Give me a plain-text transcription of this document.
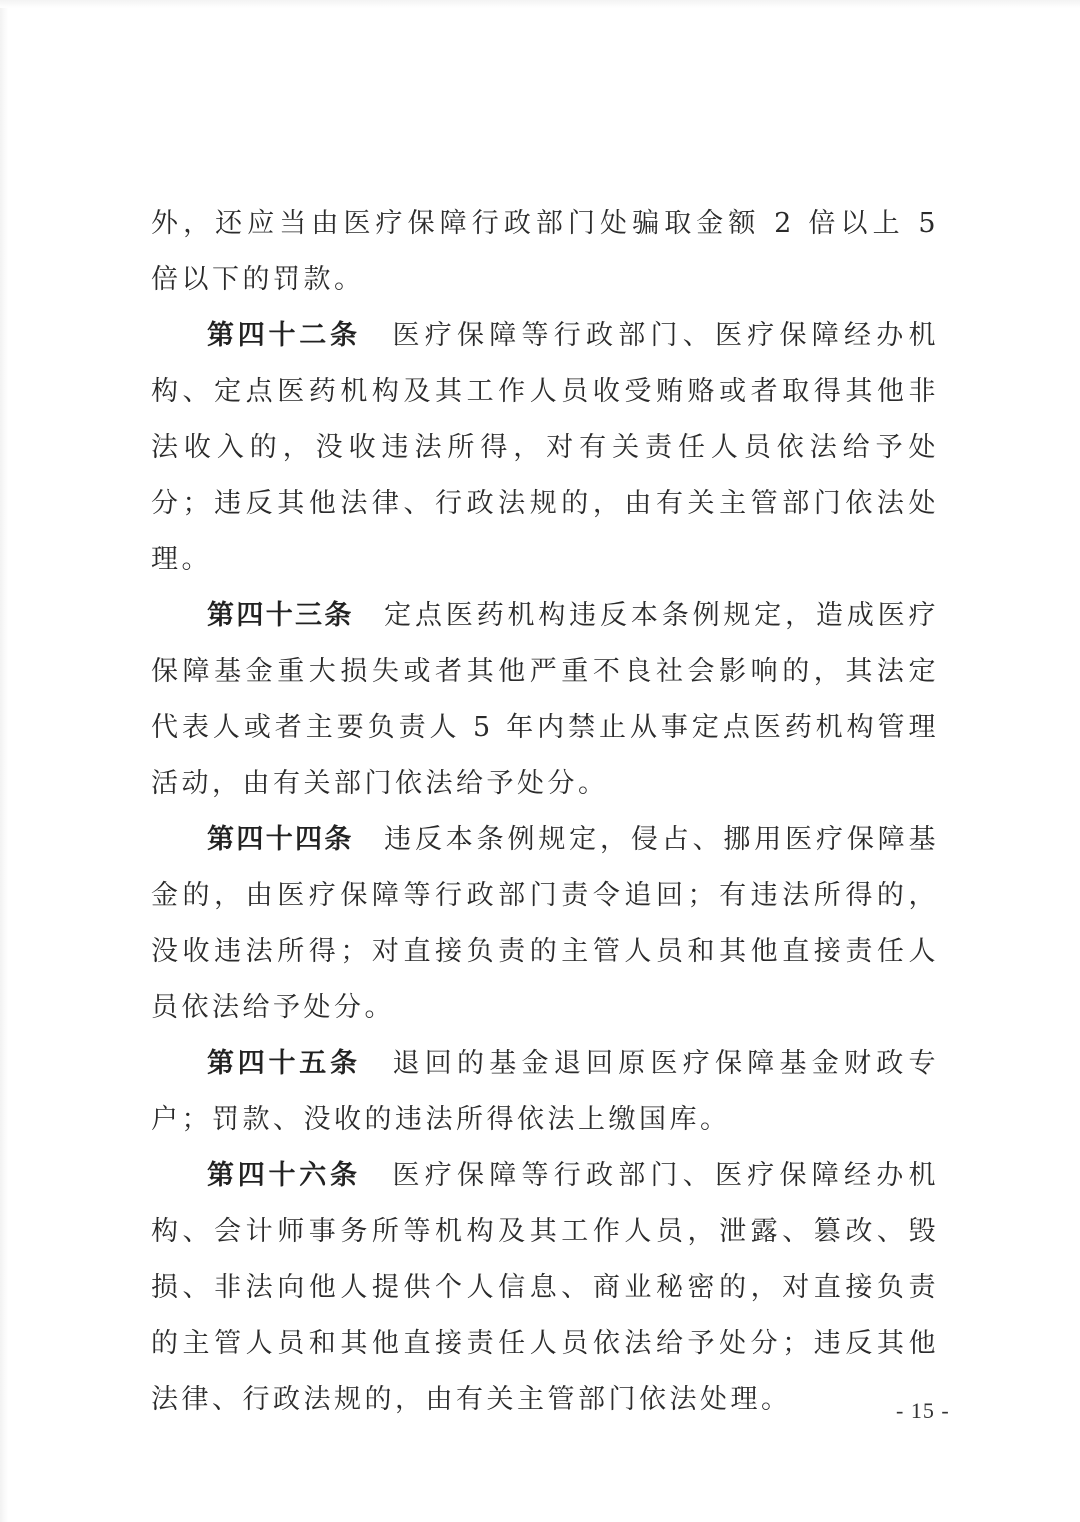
外，还应当由医疗保障行政部门处骗取金额 2 倍以上 5 倍以下的罚款。

第四十二条 医疗保障等行政部门、医疗保障经办机构、定点医药机构及其工作人员收受贿赂或者取得其他非法收入的，没收违法所得，对有关责任人员依法给予处分；违反其他法律、行政法规的，由有关主管部门依法处理。

第四十三条 定点医药机构违反本条例规定，造成医疗保障基金重大损失或者其他严重不良社会影响的，其法定代表人或者主要负责人 5 年内禁止从事定点医药机构管理活动，由有关部门依法给予处分。

第四十四条 违反本条例规定，侵占、挪用医疗保障基金的，由医疗保障等行政部门责令追回；有违法所得的，没收违法所得；对直接负责的主管人员和其他直接责任人员依法给予处分。

第四十五条 退回的基金退回原医疗保障基金财政专户；罚款、没收的违法所得依法上缴国库。

第四十六条 医疗保障等行政部门、医疗保障经办机构、会计师事务所等机构及其工作人员，泄露、篡改、毁损、非法向他人提供个人信息、商业秘密的，对直接负责的主管人员和其他直接责任人员依法给予处分；违反其他法律、行政法规的，由有关主管部门依法处理。	- 15 -
